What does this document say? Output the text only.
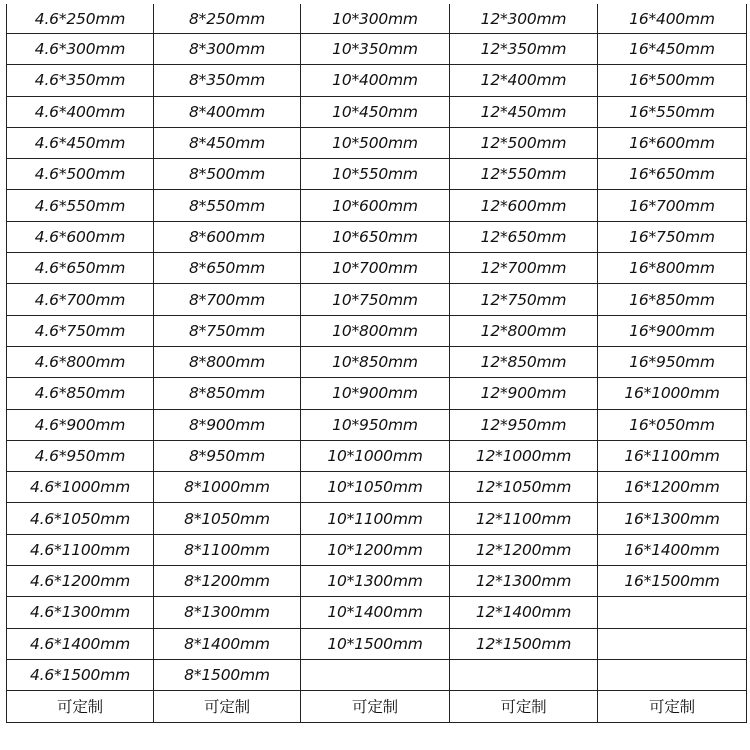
4.6*250mm	8*250mm	10*300mm	12*300mm	16*400mm
4.6*300mm	8*300mm	10*350mm	12*350mm	16*450mm
4.6*350mm	8*350mm	10*400mm	12*400mm	16*500mm
4.6*400mm	8*400mm	10*450mm	12*450mm	16*550mm
4.6*450mm	8*450mm	10*500mm	12*500mm	16*600mm
4.6*500mm	8*500mm	10*550mm	12*550mm	16*650mm
4.6*550mm	8*550mm	10*600mm	12*600mm	16*700mm
4.6*600mm	8*600mm	10*650mm	12*650mm	16*750mm
4.6*650mm	8*650mm	10*700mm	12*700mm	16*800mm
4.6*700mm	8*700mm	10*750mm	12*750mm	16*850mm
4.6*750mm	8*750mm	10*800mm	12*800mm	16*900mm
4.6*800mm	8*800mm	10*850mm	12*850mm	16*950mm
4.6*850mm	8*850mm	10*900mm	12*900mm	16*1000mm
4.6*900mm	8*900mm	10*950mm	12*950mm	16*050mm
4.6*950mm	8*950mm	10*1000mm	12*1000mm	16*1100mm
4.6*1000mm	8*1000mm	10*1050mm	12*1050mm	16*1200mm
4.6*1050mm	8*1050mm	10*1100mm	12*1100mm	16*1300mm
4.6*1100mm	8*1100mm	10*1200mm	12*1200mm	16*1400mm
4.6*1200mm	8*1200mm	10*1300mm	12*1300mm	16*1500mm
4.6*1300mm	8*1300mm	10*1400mm	12*1400mm	
4.6*1400mm	8*1400mm	10*1500mm	12*1500mm	
4.6*1500mm	8*1500mm			
可定制	可定制	可定制	可定制	可定制
